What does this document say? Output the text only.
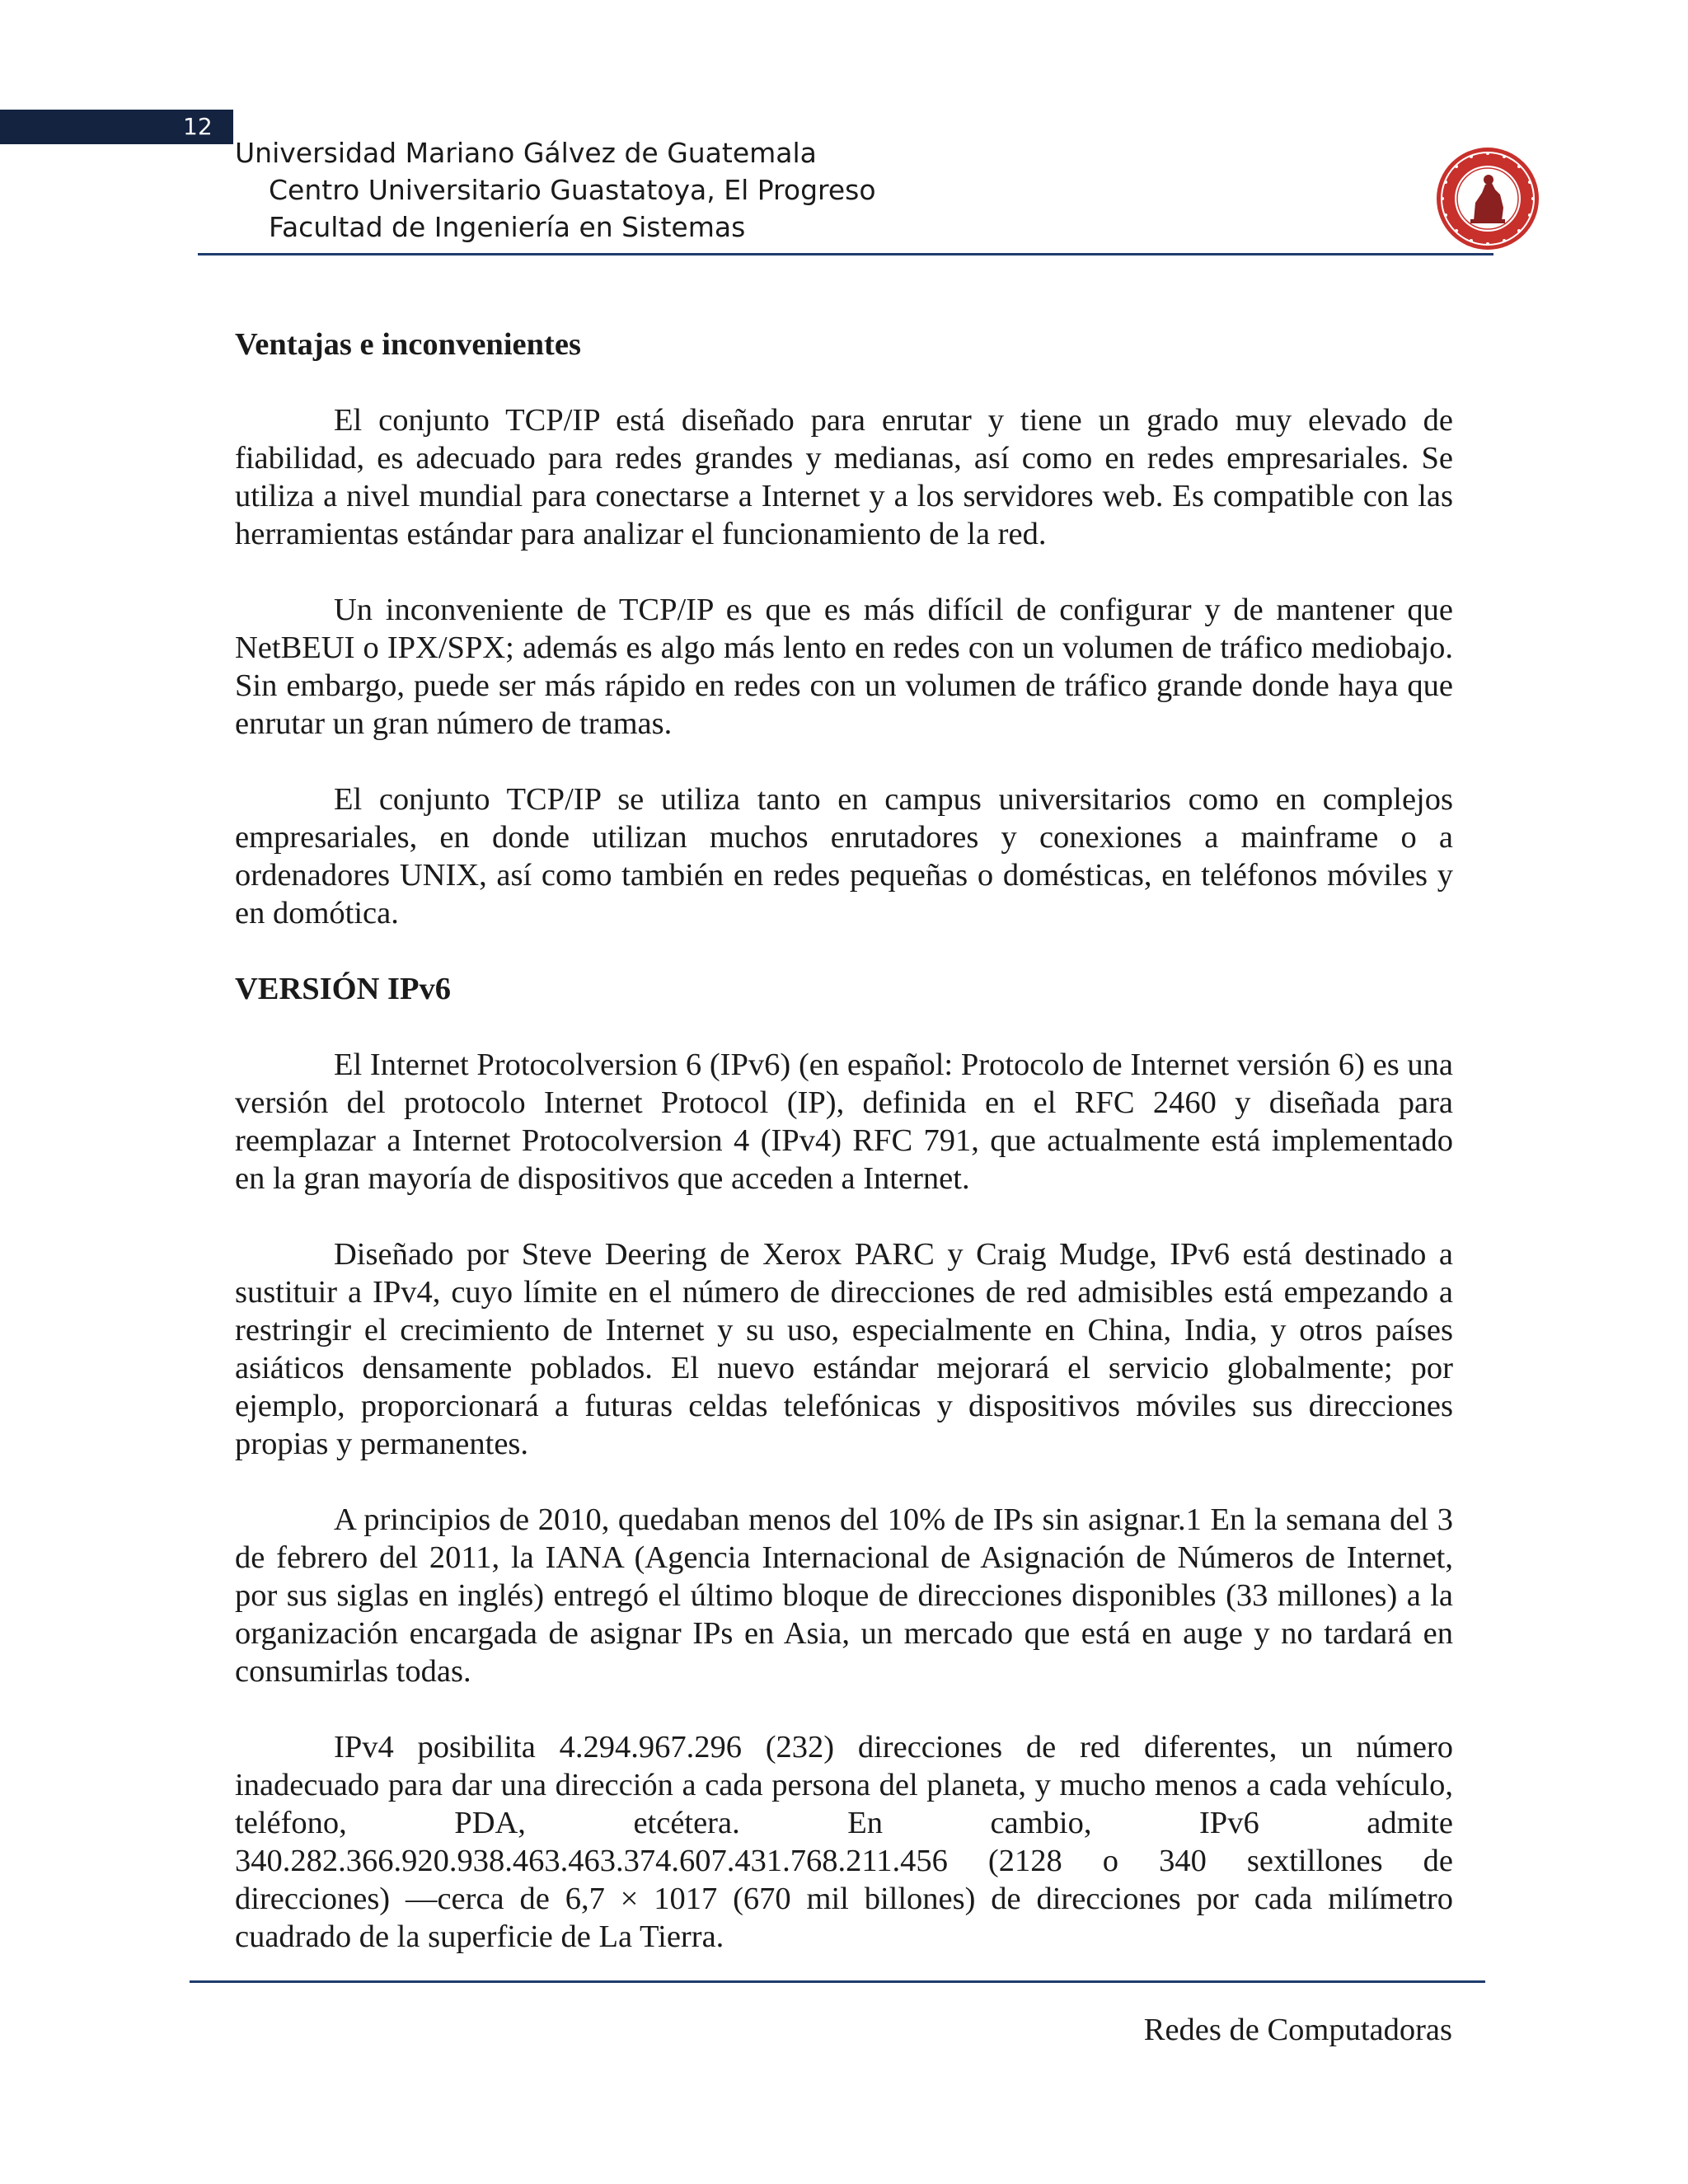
12
Universidad Mariano Gálvez de Guatemala
Centro Universitario Guastatoya, El Progreso
Facultad de Ingeniería en Sistemas
Ventajas e inconvenientes

El conjunto TCP/IP está diseñado para enrutar y tiene un grado muy elevado de fiabilidad, es adecuado para redes grandes y medianas, así como en redes empresariales. Se utiliza a nivel mundial para conectarse a Internet y a los servidores web. Es compatible con las herramientas estándar para analizar el funcionamiento de la red.

Un inconveniente de TCP/IP es que es más difícil de configurar y de mantener que NetBEUI o IPX/SPX; además es algo más lento en redes con un volumen de tráfico mediobajo. Sin embargo, puede ser más rápido en redes con un volumen de tráfico grande donde haya que enrutar un gran número de tramas.

El conjunto TCP/IP se utiliza tanto en campus universitarios como en complejos empresariales, en donde utilizan muchos enrutadores y conexiones a mainframe o a ordenadores UNIX, así como también en redes pequeñas o domésticas, en teléfonos móviles y en domótica.

VERSIÓN IPv6

El Internet Protocolversion 6 (IPv6) (en español: Protocolo de Internet versión 6) es una versión del protocolo Internet Protocol (IP), definida en el RFC 2460 y diseñada para reemplazar a Internet Protocolversion 4 (IPv4) RFC 791, que actualmente está implementado en la gran mayoría de dispositivos que acceden a Internet.

Diseñado por Steve Deering de Xerox PARC y Craig Mudge, IPv6 está destinado a sustituir a IPv4, cuyo límite en el número de direcciones de red admisibles está empezando a restringir el crecimiento de Internet y su uso, especialmente en China, India, y otros países asiáticos densamente poblados. El nuevo estándar mejorará el servicio globalmente; por ejemplo, proporcionará a futuras celdas telefónicas y dispositivos móviles sus direcciones propias y permanentes.

A principios de 2010, quedaban menos del 10% de IPs sin asignar.1 En la semana del 3 de febrero del 2011, la IANA (Agencia Internacional de Asignación de Números de Internet, por sus siglas en inglés) entregó el último bloque de direcciones disponibles (33 millones) a la organización encargada de asignar IPs en Asia, un mercado que está en auge y no tardará en consumirlas todas.

IPv4 posibilita 4.294.967.296 (232) direcciones de red diferentes, un número inadecuado para dar una dirección a cada persona del planeta, y mucho menos a cada vehículo, teléfono, PDA, etcétera. En cambio, IPv6 admite 340.282.366.920.938.463.463.374.607.431.768.211.456 (2128 o 340 sextillones de direcciones) —cerca de 6,7 × 1017 (670 mil billones) de direcciones por cada milímetro cuadrado de la superficie de La Tierra.

Redes de Computadoras
